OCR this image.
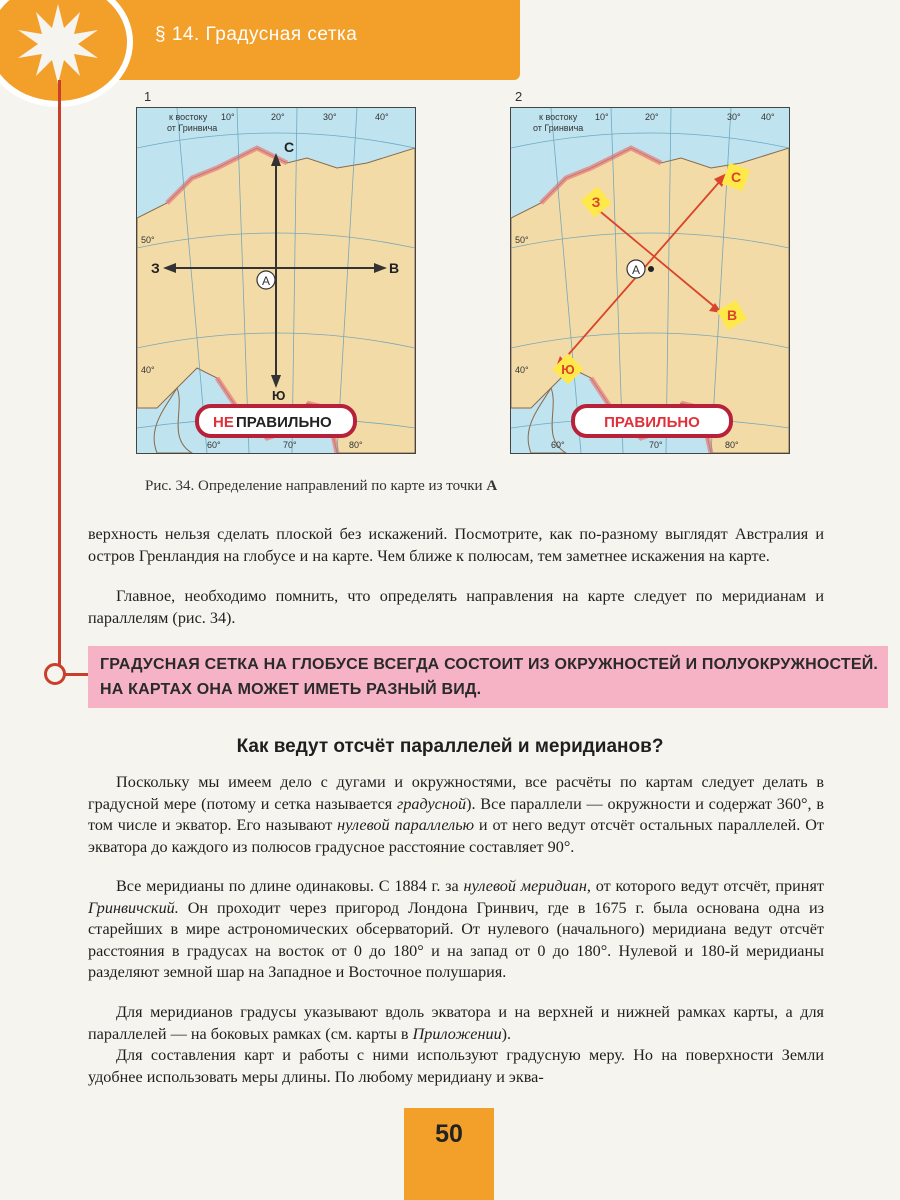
§ 14. Градусная сетка
1	2
А
С
Ю
З	В
к востоку
от Гринвича
10°	20°	30°	40°
50°
40°
60°	70°	80°
НЕ ПРАВИЛЬНО
А
С
З
В
Ю
к востоку
от Гринвича
10°	20°	30° 40°
50°
40°
60°	70°	80°
ПРАВИЛЬНО
Рис. 34. Определение направлений по карте из точки А

верхность нельзя сделать плоской без искажений. Посмотрите, как по-разному выглядят Австралия и остров Гренландия на глобусе и на карте. Чем ближе к полюсам, тем заметнее искажения на карте.

Главное, необходимо помнить, что определять направления на карте следует по меридианам и параллелям (рис. 34).

ГРАДУСНАЯ СЕТКА НА ГЛОБУСЕ ВСЕГДА СОСТОИТ ИЗ ОКРУЖНОСТЕЙ И ПОЛУОКРУЖНОСТЕЙ. НА КАРТАХ ОНА МОЖЕТ ИМЕТЬ РАЗНЫЙ ВИД.
Как ведут отсчёт параллелей и меридианов?

Поскольку мы имеем дело с дугами и окружностями, все расчёты по картам следует делать в градусной мере (потому и сетка называется градусной). Все параллели — окружности и содержат 360°, в том числе и экватор. Его называют нулевой параллелью и от него ведут отсчёт остальных параллелей. От экватора до каждого из полюсов градусное расстояние составляет 90°.

Все меридианы по длине одинаковы. С 1884 г. за нулевой меридиан, от которого ведут отсчёт, принят Гринвичский. Он проходит через пригород Лондона Гринвич, где в 1675 г. была основана одна из старейших в мире астрономических обсерваторий. От нулевого (начального) меридиана ведут отсчёт расстояния в градусах на восток от 0 до 180° и на запад от 0 до 180°. Нулевой и 180-й меридианы разделяют земной шар на Западное и Восточное полушария.

Для меридианов градусы указывают вдоль экватора и на верхней и нижней рамках карты, а для параллелей — на боковых рамках (см. карты в Приложении).

Для составления карт и работы с ними используют градусную меру. Но на поверхности Земли удобнее использовать меры длины. По любому меридиану и эква-

50
